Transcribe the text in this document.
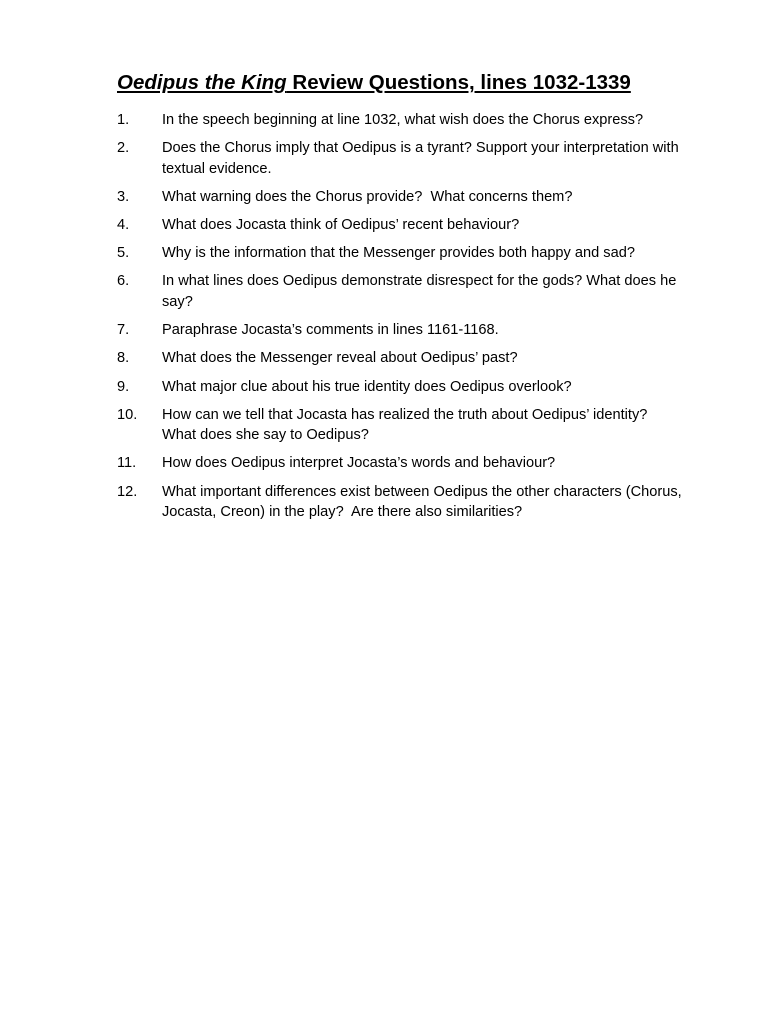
Oedipus the King Review Questions, lines 1032-1339
1.	In the speech beginning at line 1032, what wish does the Chorus express?
2.	Does the Chorus imply that Oedipus is a tyrant? Support your interpretation with textual evidence.
3.	What warning does the Chorus provide?  What concerns them?
4.	What does Jocasta think of Oedipus’ recent behaviour?
5.	Why is the information that the Messenger provides both happy and sad?
6.	In what lines does Oedipus demonstrate disrespect for the gods? What does he say?
7.	Paraphrase Jocasta’s comments in lines 1161-1168.
8.	What does the Messenger reveal about Oedipus’ past?
9.	What major clue about his true identity does Oedipus overlook?
10.	How can we tell that Jocasta has realized the truth about Oedipus’ identity?  What does she say to Oedipus?
11.	How does Oedipus interpret Jocasta’s words and behaviour?
12.	What important differences exist between Oedipus the other characters (Chorus, Jocasta, Creon) in the play?  Are there also similarities?
